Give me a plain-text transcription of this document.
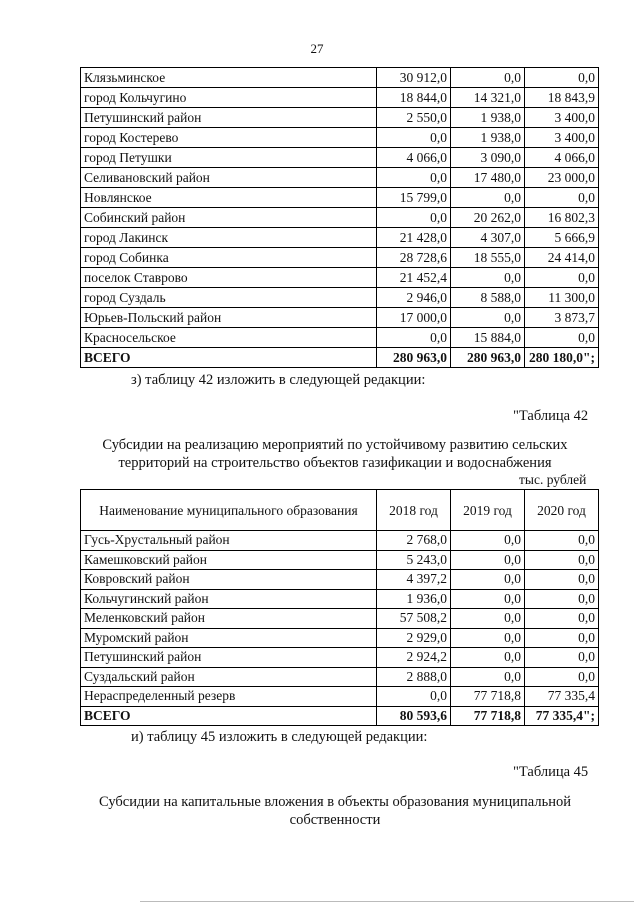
27
Клязьминское	30 912,0	0,0	0,0
город Кольчугино	18 844,0	14 321,0	18 843,9
Петушинский район	2 550,0	1 938,0	3 400,0
город Костерево	0,0	1 938,0	3 400,0
город Петушки	4 066,0	3 090,0	4 066,0
Селивановский район	0,0	17 480,0	23 000,0
Новлянское	15 799,0	0,0	0,0
Собинский район	0,0	20 262,0	16 802,3
город Лакинск	21 428,0	4 307,0	5 666,9
город Собинка	28 728,6	18 555,0	24 414,0
поселок Ставрово	21 452,4	0,0	0,0
город Суздаль	2 946,0	8 588,0	11 300,0
Юрьев-Польский район	17 000,0	0,0	3 873,7
Красносельское	0,0	15 884,0	0,0
ВСЕГО	280 963,0	280 963,0	280 180,0";
з) таблицу 42 изложить в следующей редакции:
"Таблица 42
Субсидии на реализацию мероприятий по устойчивому развитию сельских
территорий на строительство объектов газификации и водоснабжения
тыс. рублей
Наименование муниципального образования	2018 год	2019 год	2020 год
Гусь-Хрустальный район	2 768,0	0,0	0,0
Камешковский район	5 243,0	0,0	0,0
Ковровский район	4 397,2	0,0	0,0
Кольчугинский район	1 936,0	0,0	0,0
Меленковский район	57 508,2	0,0	0,0
Муромский район	2 929,0	0,0	0,0
Петушинский район	2 924,2	0,0	0,0
Суздальский район	2 888,0	0,0	0,0
Нераспределенный резерв	0,0	77 718,8	77 335,4
ВСЕГО	80 593,6	77 718,8	77 335,4";
и) таблицу 45 изложить в следующей редакции:
"Таблица 45
Субсидии на капитальные вложения в объекты образования муниципальной
собственности
